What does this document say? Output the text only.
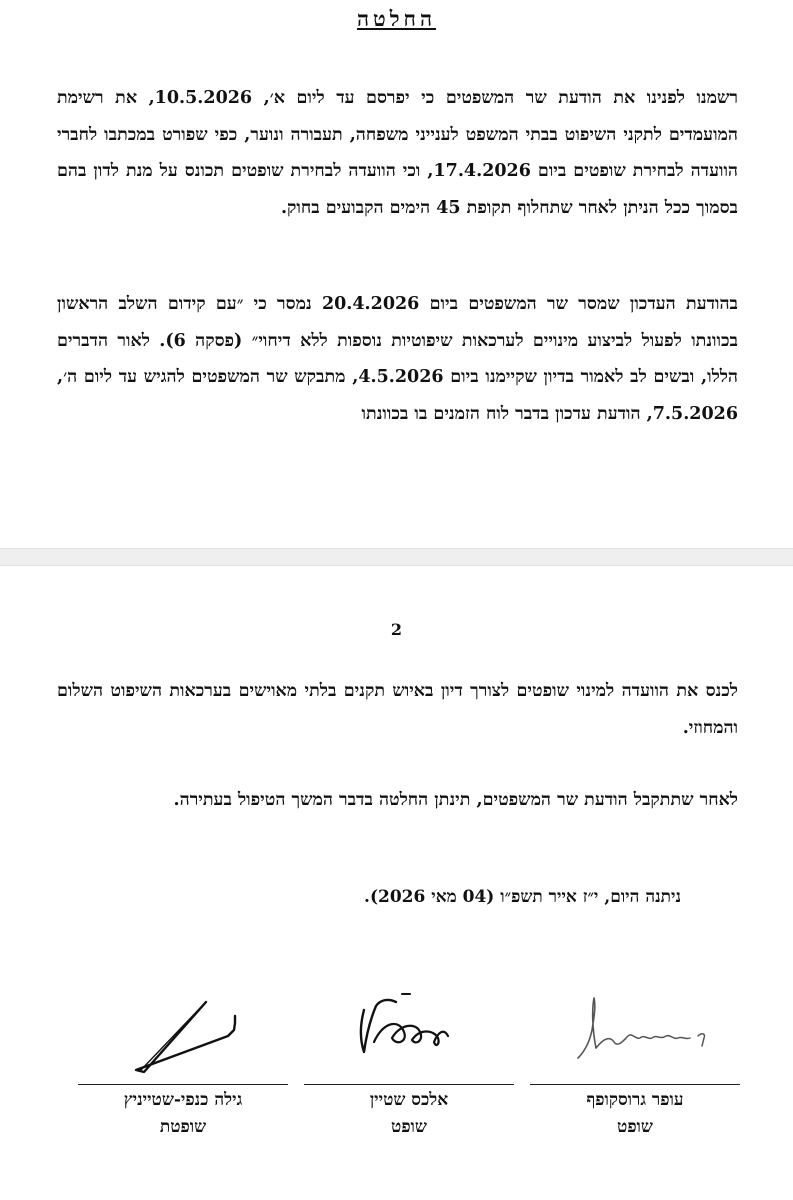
החלטה
רשמנו לפנינו את הודעת שר המשפטים כי יפרסם עד ליום א׳, 10.5.2026, את רשימת המועמדים לתקני השיפוט בבתי המשפט לענייני משפחה, תעבורה ונוער, כפי שפורט במכתבו לחברי הוועדה לבחירת שופטים ביום 17.4.2026, וכי הוועדה לבחירת שופטים תכונס על מנת לדון בהם בסמוך ככל הניתן לאחר שתחלוף תקופת 45 הימים הקבועים בחוק.
בהודעת העדכון שמסר שר המשפטים ביום 20.4.2026 נמסר כי ״עם קידום השלב הראשון בכוונתו לפעול לביצוע מינויים לערכאות שיפוטיות נוספות ללא דיחוי״ (פסקה 6). לאור הדברים הללו, ובשים לב לאמור בדיון שקיימנו ביום 4.5.2026, מתבקש שר המשפטים להגיש עד ליום ה׳, 7.5.2026, הודעת עדכון בדבר לוח הזמנים בו בכוונתו
2
לכנס את הוועדה למינוי שופטים לצורך דיון באיוש תקנים בלתי מאוישים בערכאות השיפוט השלום והמחוזי.
לאחר שתתקבל הודעת שר המשפטים, תינתן החלטה בדבר המשך הטיפול בעתירה.
ניתנה היום, י״ז אייר תשפ״ו (04 מאי 2026).
גילה כנפי-שטייניץ
שופטת
אלכס שטיין
שופט
עופר גרוסקופף
שופט
